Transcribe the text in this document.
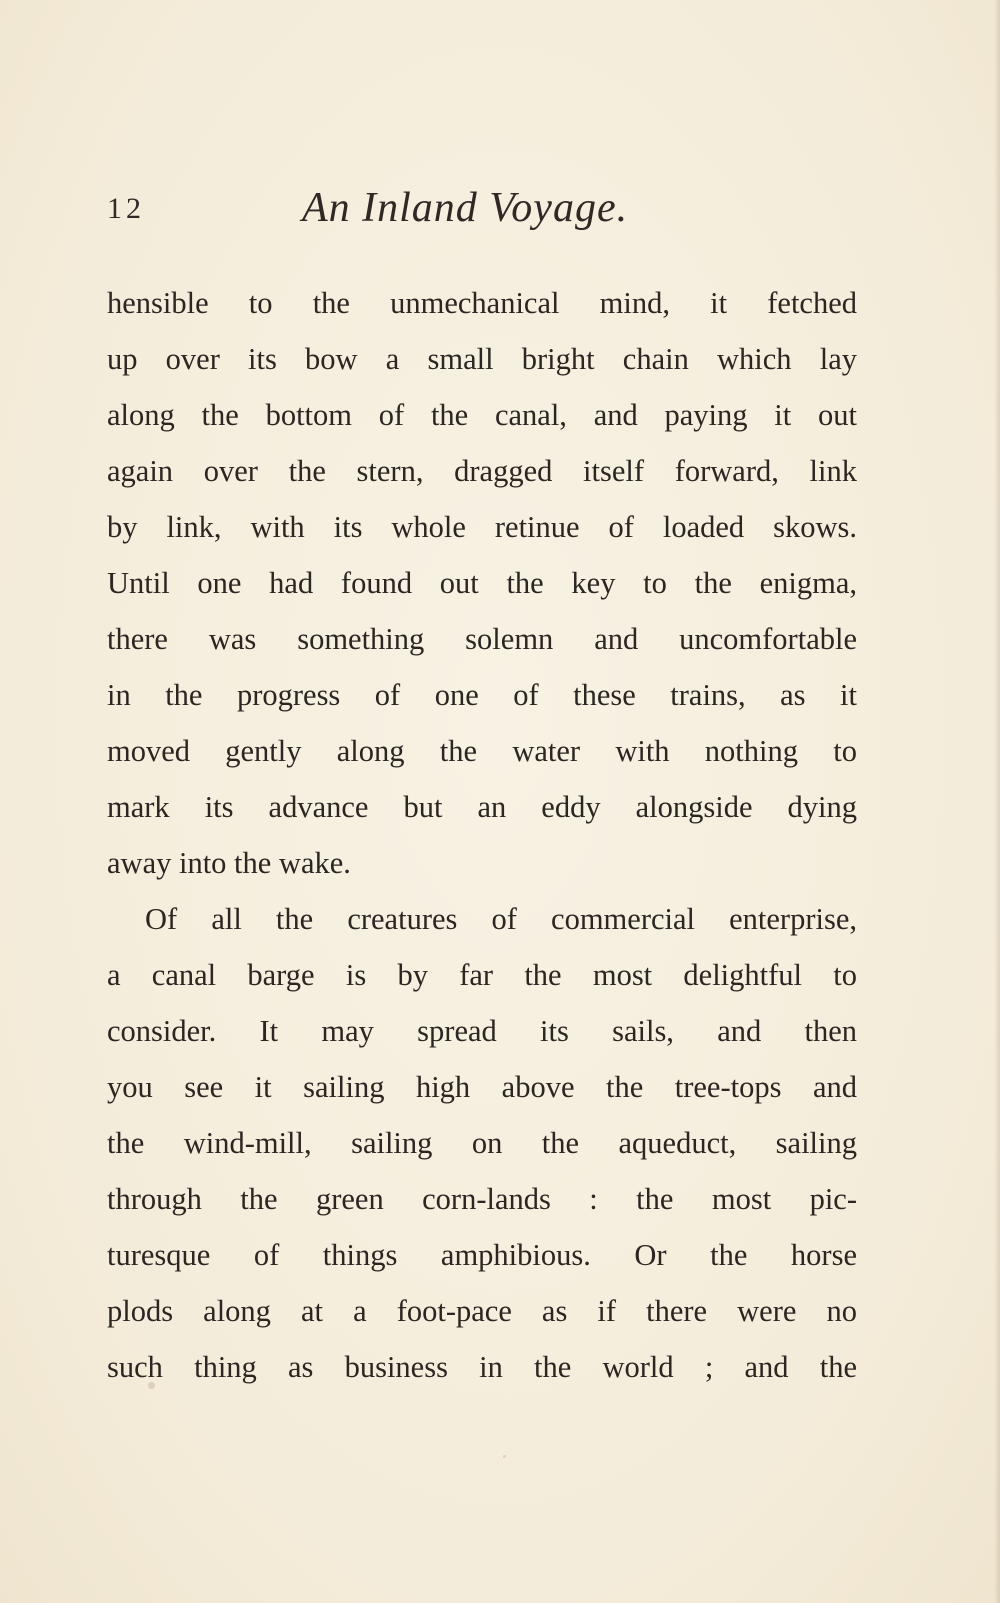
12	An Inland Voyage.
hensible to the unmechanical mind, it fetched
up over its bow a small bright chain which lay
along the bottom of the canal, and paying it out
again over the stern, dragged itself forward, link
by link, with its whole retinue of loaded skows.
Until one had found out the key to the enigma,
there was something solemn and uncomfortable
in the progress of one of these trains, as it
moved gently along the water with nothing to
mark its advance but an eddy alongside dying
away into the wake.
Of all the creatures of commercial enterprise,
a canal barge is by far the most delightful to
consider. It may spread its sails, and then
you see it sailing high above the tree-tops and
the wind-mill, sailing on the aqueduct, sailing
through the green corn-lands : the most pic-
turesque of things amphibious. Or the horse
plods along at a foot-pace as if there were no
such thing as business in the world ; and the
